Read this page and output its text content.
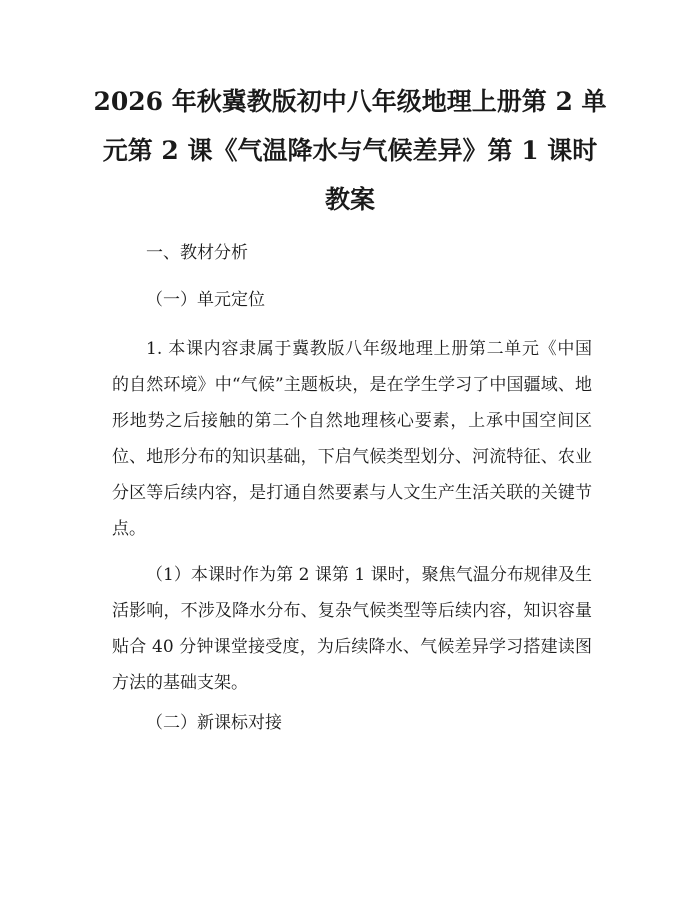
2026 年秋冀教版初中八年级地理上册第 2 单
元第 2 课《气温降水与气候差异》第 1 课时
教案
一、教材分析
（一）单元定位

1. 本课内容隶属于冀教版八年级地理上册第二单元《中国的自然环境》中“气候”主题板块，是在学生学习了中国疆域、地形地势之后接触的第二个自然地理核心要素，上承中国空间区位、地形分布的知识基础，下启气候类型划分、河流特征、农业分区等后续内容，是打通自然要素与人文生产生活关联的关键节点。

（1）本课时作为第 2 课第 1 课时，聚焦气温分布规律及生活影响，不涉及降水分布、复杂气候类型等后续内容，知识容量贴合 40 分钟课堂接受度，为后续降水、气候差异学习搭建读图方法的基础支架。

（二）新课标对接
